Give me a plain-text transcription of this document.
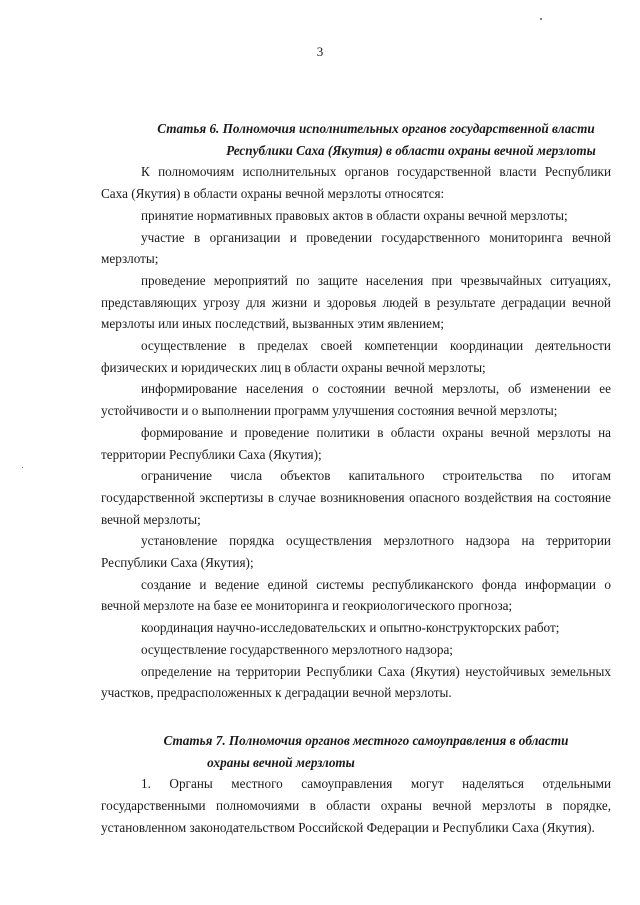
3
Статья 6. Полномочия исполнительных органов государственной власти
Республики Саха (Якутия) в области охраны вечной мерзлоты

К полномочиям исполнительных органов государственной власти Республики Саха (Якутия) в области охраны вечной мерзлоты относятся:

принятие нормативных правовых актов в области охраны вечной мерзлоты;

участие в организации и проведении государственного мониторинга вечной мерзлоты;

проведение мероприятий по защите населения при чрезвычайных ситуациях, представляющих угрозу для жизни и здоровья людей в результате деградации вечной мерзлоты или иных последствий, вызванных этим явлением;

осуществление в пределах своей компетенции координации деятельности физических и юридических лиц в области охраны вечной мерзлоты;

информирование населения о состоянии вечной мерзлоты, об изменении ее устойчивости и о выполнении программ улучшения состояния вечной мерзлоты;

формирование и проведение политики в области охраны вечной мерзлоты на территории Республики Саха (Якутия);

ограничение числа объектов капитального строительства по итогам государственной экспертизы в случае возникновения опасного воздействия на состояние вечной мерзлоты;

установление порядка осуществления мерзлотного надзора на территории Республики Саха (Якутия);

создание и ведение единой системы республиканского фонда информации о вечной мерзлоте на базе ее мониторинга и геокриологического прогноза;

координация научно-исследовательских и опытно-конструкторских работ;

осуществление государственного мерзлотного надзора;

определение на территории Республики Саха (Якутия) неустойчивых земельных участков, предрасположенных к деградации вечной мерзлоты.

Статья 7. Полномочия органов местного самоуправления в области
охраны вечной мерзлоты

1. Органы местного самоуправления могут наделяться отдельными государственными полномочиями в области охраны вечной мерзлоты в порядке, установленном законодательством Российской Федерации и Республики Саха (Якутия).
